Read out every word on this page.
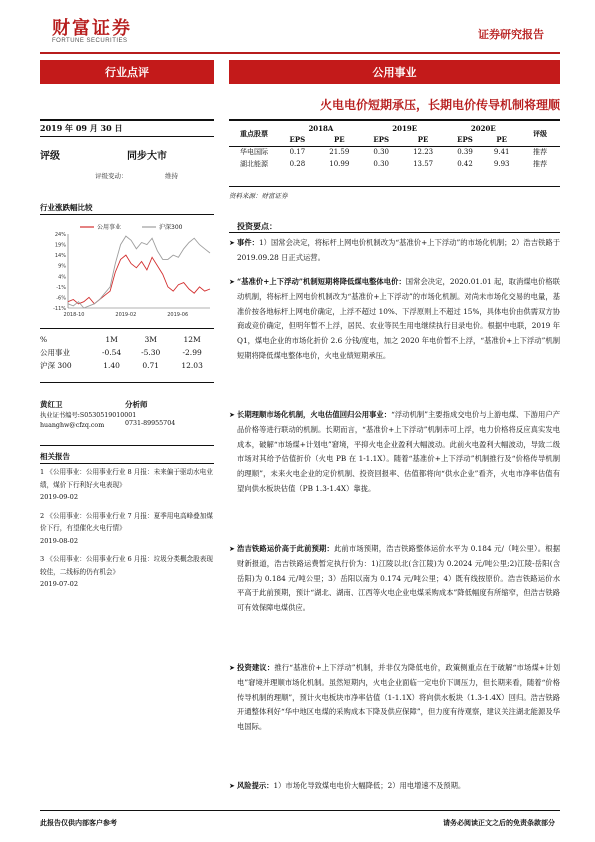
财富证券
FORTUNE SECURITIES	证券研究报告
行业点评	公用事业
火电电价短期承压，长期电价传导机制将理顺
2019 年 09 月 30 日
评级	同步大市
评级变动：	维持
行业涨跌幅比较
24%
19%
14%
9%
4%
-1%
-6%
-11%
2018-10	2019-02	2019-06
公用事业	沪深300
%	1M	3M	12M
公用事业	-0.54	-5.30	-2.99
沪深 300	1.40	0.71	12.03
黄红卫	分析师
执业证书编号:S0530519010001
huanghw@cfzq.com	0731-89955704
相关报告

1 《公用事业：公用事业行业 8 月报：未来偏于驱动水电业绩，煤价下行利好火电表现》

2019-09-02

2 《公用事业：公用事业行业 7 月报：夏季用电高峰叠加煤价下行，有望催化火电行情》

2019-08-02

3 《公用事业：公用事业行业 6 月报：垃圾分类概念股表现较佳，二线标的仍有机会》

2019-07-02

重点股票	2018A		2019E		2020E		评级
	EPS	PE	EPS	PE	EPS	PE	
华电国际	0.17	21.59	0.30	12.23	0.39	9.41	推荐
湖北能源	0.28	10.99	0.30	13.57	0.42	9.93	推荐
资料来源：财富证券
投资要点：

➤ 事件：1）国常会决定，将标杆上网电价机制改为“基准价+上下浮动”的市场化机制；2）浩吉铁路于 2019.09.28 日正式运营。

➤ “基准价+上下浮动”机制短期将降低煤电整体电价：国常会决定，2020.01.01 起，取消煤电价格联动机制，将标杆上网电价机制改为“基准价+上下浮动”的市场化机制。对尚未市场化交易的电量，基准价按各地标杆上网电价确定，上浮不超过 10%、下浮原则上不超过 15%，具体电价由供需双方协商或竞价确定，但明年暂不上浮，居民、农业等民生用电继续执行目录电价。根据中电联，2019 年 Q1，煤电企业的市场化折价 2.6 分钱/度电，加之 2020 年电价暂不上浮，“基准价+上下浮动”机制短期将降低煤电整体电价，火电业绩短期承压。

➤ 长期理顺市场化机制，火电估值回归公用事业：“浮动机制”主要指成交电价与上游电煤、下游用户产品价格等进行联动的机制。长期而言，“基准价+上下浮动”机制赤可上浮，电力价格将反应真实发电成本，破解“市场煤+计划电”窘境，平抑火电企业盈利大幅波动。此前火电盈利大幅波动，导致二级市场对其给予估值折价（火电 PB 在 1-1.1X）。随着“基准价+上下浮动”机制推行及“价格传导机制的理顺”，未来火电企业的定价机制、投资回报率、估值都将向“供水企业”看齐，火电市净率估值有望向供水板块估值（PB 1.3-1.4X）靠拢。

➤ 浩吉铁路运价高于此前预期：此前市场预期，浩吉铁路整体运价水平为 0.184 元/（吨公里）。根据财新报道，浩吉铁路运费暂定执行价为：1)江陵以北(含江陵)为 0.2024 元/吨公里;2)江陵-岳阳(含岳阳)为 0.184 元/吨公里；3）岳阳以南为 0.174 元/吨公里；4）既有线按原价。浩吉铁路运价水平高于此前预期，预计“湖北、湖南、江西等火电企业电煤采购成本”降低幅度有所缩窄，但浩吉铁路可有效保障电煤供应。

➤ 投资建议：推行“基准价+上下浮动”机制，并非仅为降低电价，政策侧重点在于破解“市场煤+计划电”窘境并理顺市场化机制。虽然短期内，火电企业面临一定电价下调压力，但长期来看，随着“价格传导机制的理顺”，预计火电板块市净率估值（1-1.1X）将向供水板块（1.3-1.4X）回归。浩吉铁路开通整体利好“华中地区电煤的采购成本下降及供应保障”，但力度有待观察，建议关注湖北能源及华电国际。

➤ 风险提示：1）市场化导致煤电电价大幅降低；2）用电增速不及预期。

此报告仅供内部客户参考	请务必阅读正文之后的免责条款部分
